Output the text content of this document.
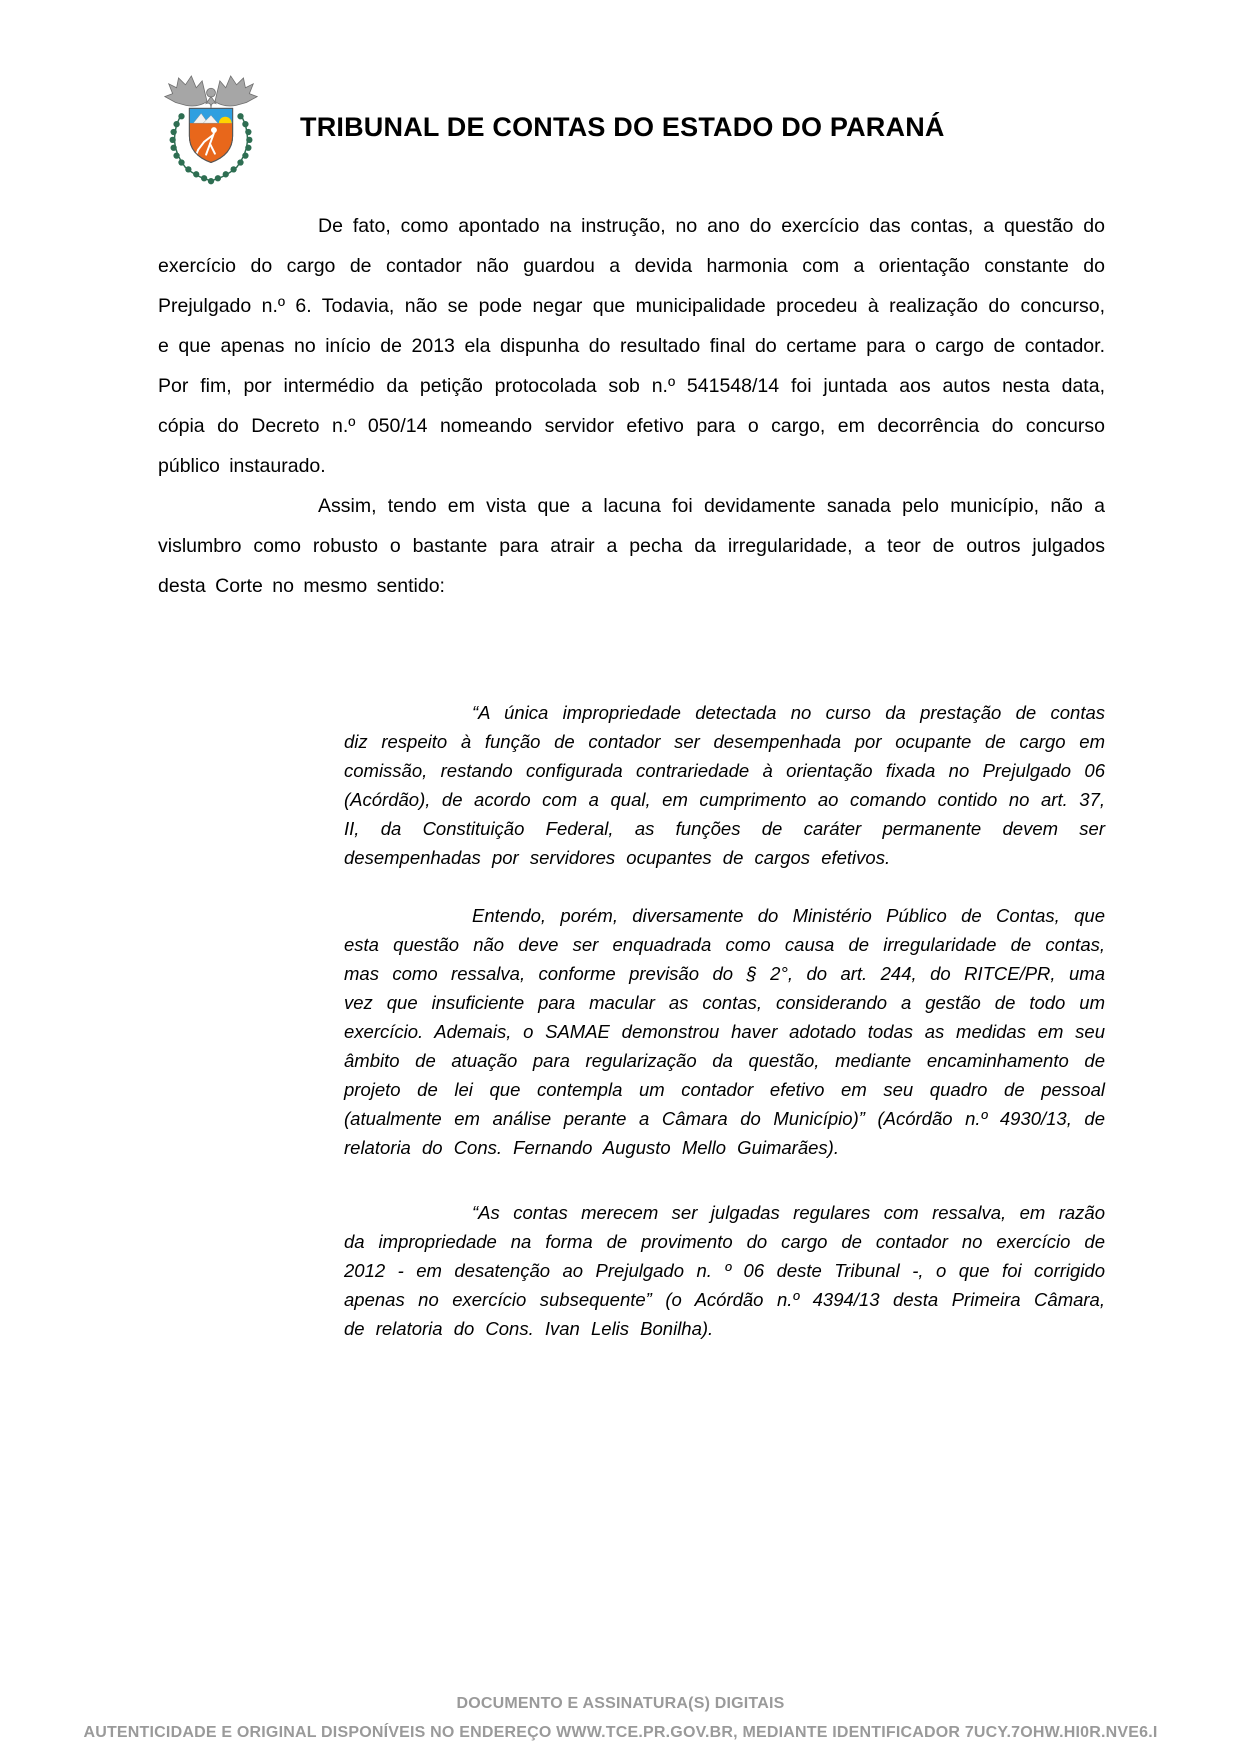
TRIBUNAL DE CONTAS DO ESTADO DO PARANÁ

De fato, como apontado na instrução, no ano do exercício das contas, a questão do exercício do cargo de contador não guardou a devida harmonia com a orientação constante do Prejulgado n.º 6. Todavia, não se pode negar que municipalidade procedeu à realização do concurso, e que apenas no início de 2013 ela dispunha do resultado final do certame para o cargo de contador. Por fim, por intermédio da petição protocolada sob n.º 541548/14 foi juntada aos autos nesta data, cópia do Decreto n.º 050/14 nomeando servidor efetivo para o cargo, em decorrência do concurso público instaurado.

Assim, tendo em vista que a lacuna foi devidamente sanada pelo município, não a vislumbro como robusto o bastante para atrair a pecha da irregularidade, a teor de outros julgados desta Corte no mesmo sentido:

“A única impropriedade detectada no curso da prestação de contas diz respeito à função de contador ser desempenhada por ocupante de cargo em comissão, restando configurada contrariedade à orientação fixada no Prejulgado 06 (Acórdão), de acordo com a qual, em cumprimento ao comando contido no art. 37, II, da Constituição Federal, as funções de caráter permanente devem ser desempenhadas por servidores ocupantes de cargos efetivos.

Entendo, porém, diversamente do Ministério Público de Contas, que esta questão não deve ser enquadrada como causa de irregularidade de contas, mas como ressalva, conforme previsão do § 2°, do art. 244, do RITCE/PR, uma vez que insuficiente para macular as contas, considerando a gestão de todo um exercício. Ademais, o SAMAE demonstrou haver adotado todas as medidas em seu âmbito de atuação para regularização da questão, mediante encaminhamento de projeto de lei que contempla um contador efetivo em seu quadro de pessoal (atualmente em análise perante a Câmara do Município)” (Acórdão n.º 4930/13, de relatoria do Cons. Fernando Augusto Mello Guimarães).

“As contas merecem ser julgadas regulares com ressalva, em razão da impropriedade na forma de provimento do cargo de contador no exercício de 2012 - em desatenção ao Prejulgado n. º 06 deste Tribunal -, o que foi corrigido apenas no exercício subsequente” (o Acórdão n.º 4394/13 desta Primeira Câmara, de relatoria do Cons. Ivan Lelis Bonilha).

DOCUMENTO E ASSINATURA(S) DIGITAIS
AUTENTICIDADE E ORIGINAL DISPONÍVEIS NO ENDEREÇO WWW.TCE.PR.GOV.BR, MEDIANTE IDENTIFICADOR 7UCY.7OHW.HI0R.NVE6.I
